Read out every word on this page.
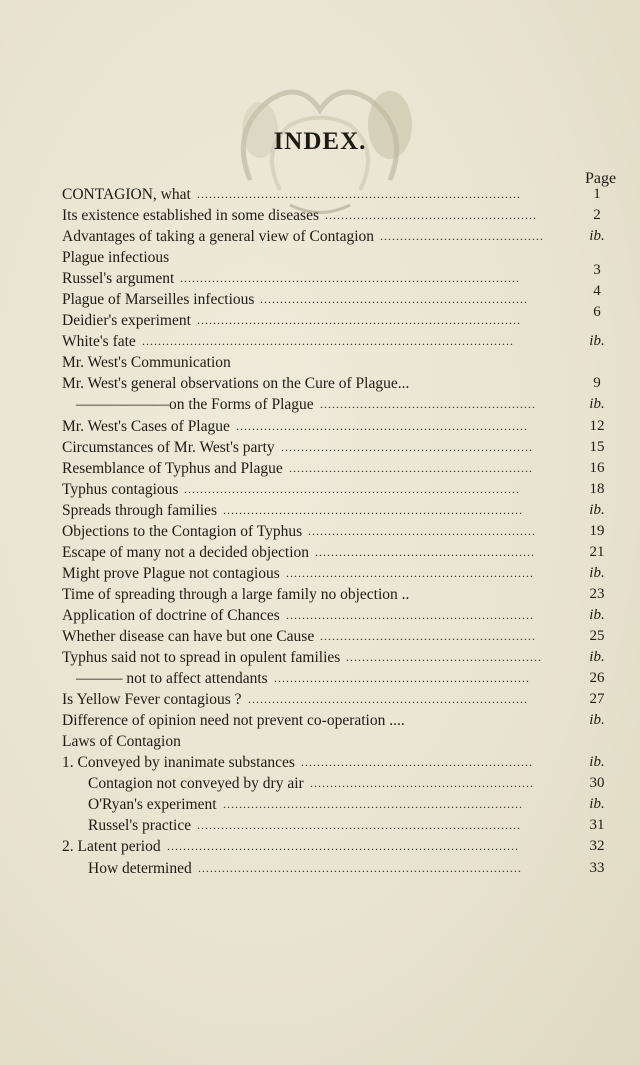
INDEX.
Page
CONTAGION, what .................................................................................	1
Its existence established in some diseases .....................................................	2
Advantages of taking a general view of Contagion .........................................	ib.
Plague infectious
Russel's argument .....................................................................................	3
Plague of Marseilles infectious ...................................................................	4
Deidier's experiment .................................................................................	6
White's fate .............................................................................................	ib.
Mr. West's Communication
Mr. West's general observations on the Cure of Plague...	9
——————on the Forms of Plague ......................................................	ib.
Mr. West's Cases of Plague .........................................................................	12
Circumstances of Mr. West's party ...............................................................	15
Resemblance of Typhus and Plague .............................................................	16
Typhus contagious ....................................................................................	18
Spreads through families ...........................................................................	ib.
Objections to the Contagion of Typhus .........................................................	19
Escape of many not a decided objection .......................................................	21
Might prove Plague not contagious ..............................................................	ib.
Time of spreading through a large family no objection ..	23
Application of doctrine of Chances ..............................................................	ib.
Whether disease can have but one Cause ......................................................	25
Typhus said not to spread in opulent families .................................................	ib.
——— not to affect attendants ................................................................	26
Is Yellow Fever contagious ? ......................................................................	27
Difference of opinion need not prevent co-operation ....	ib.
Laws of Contagion
1. Conveyed by inanimate substances ..........................................................	ib.
Contagion not conveyed by dry air ........................................................	30
O'Ryan's experiment ...........................................................................	ib.
Russel's practice .................................................................................	31
2. Latent period ........................................................................................	32
How determined .................................................................................	33
